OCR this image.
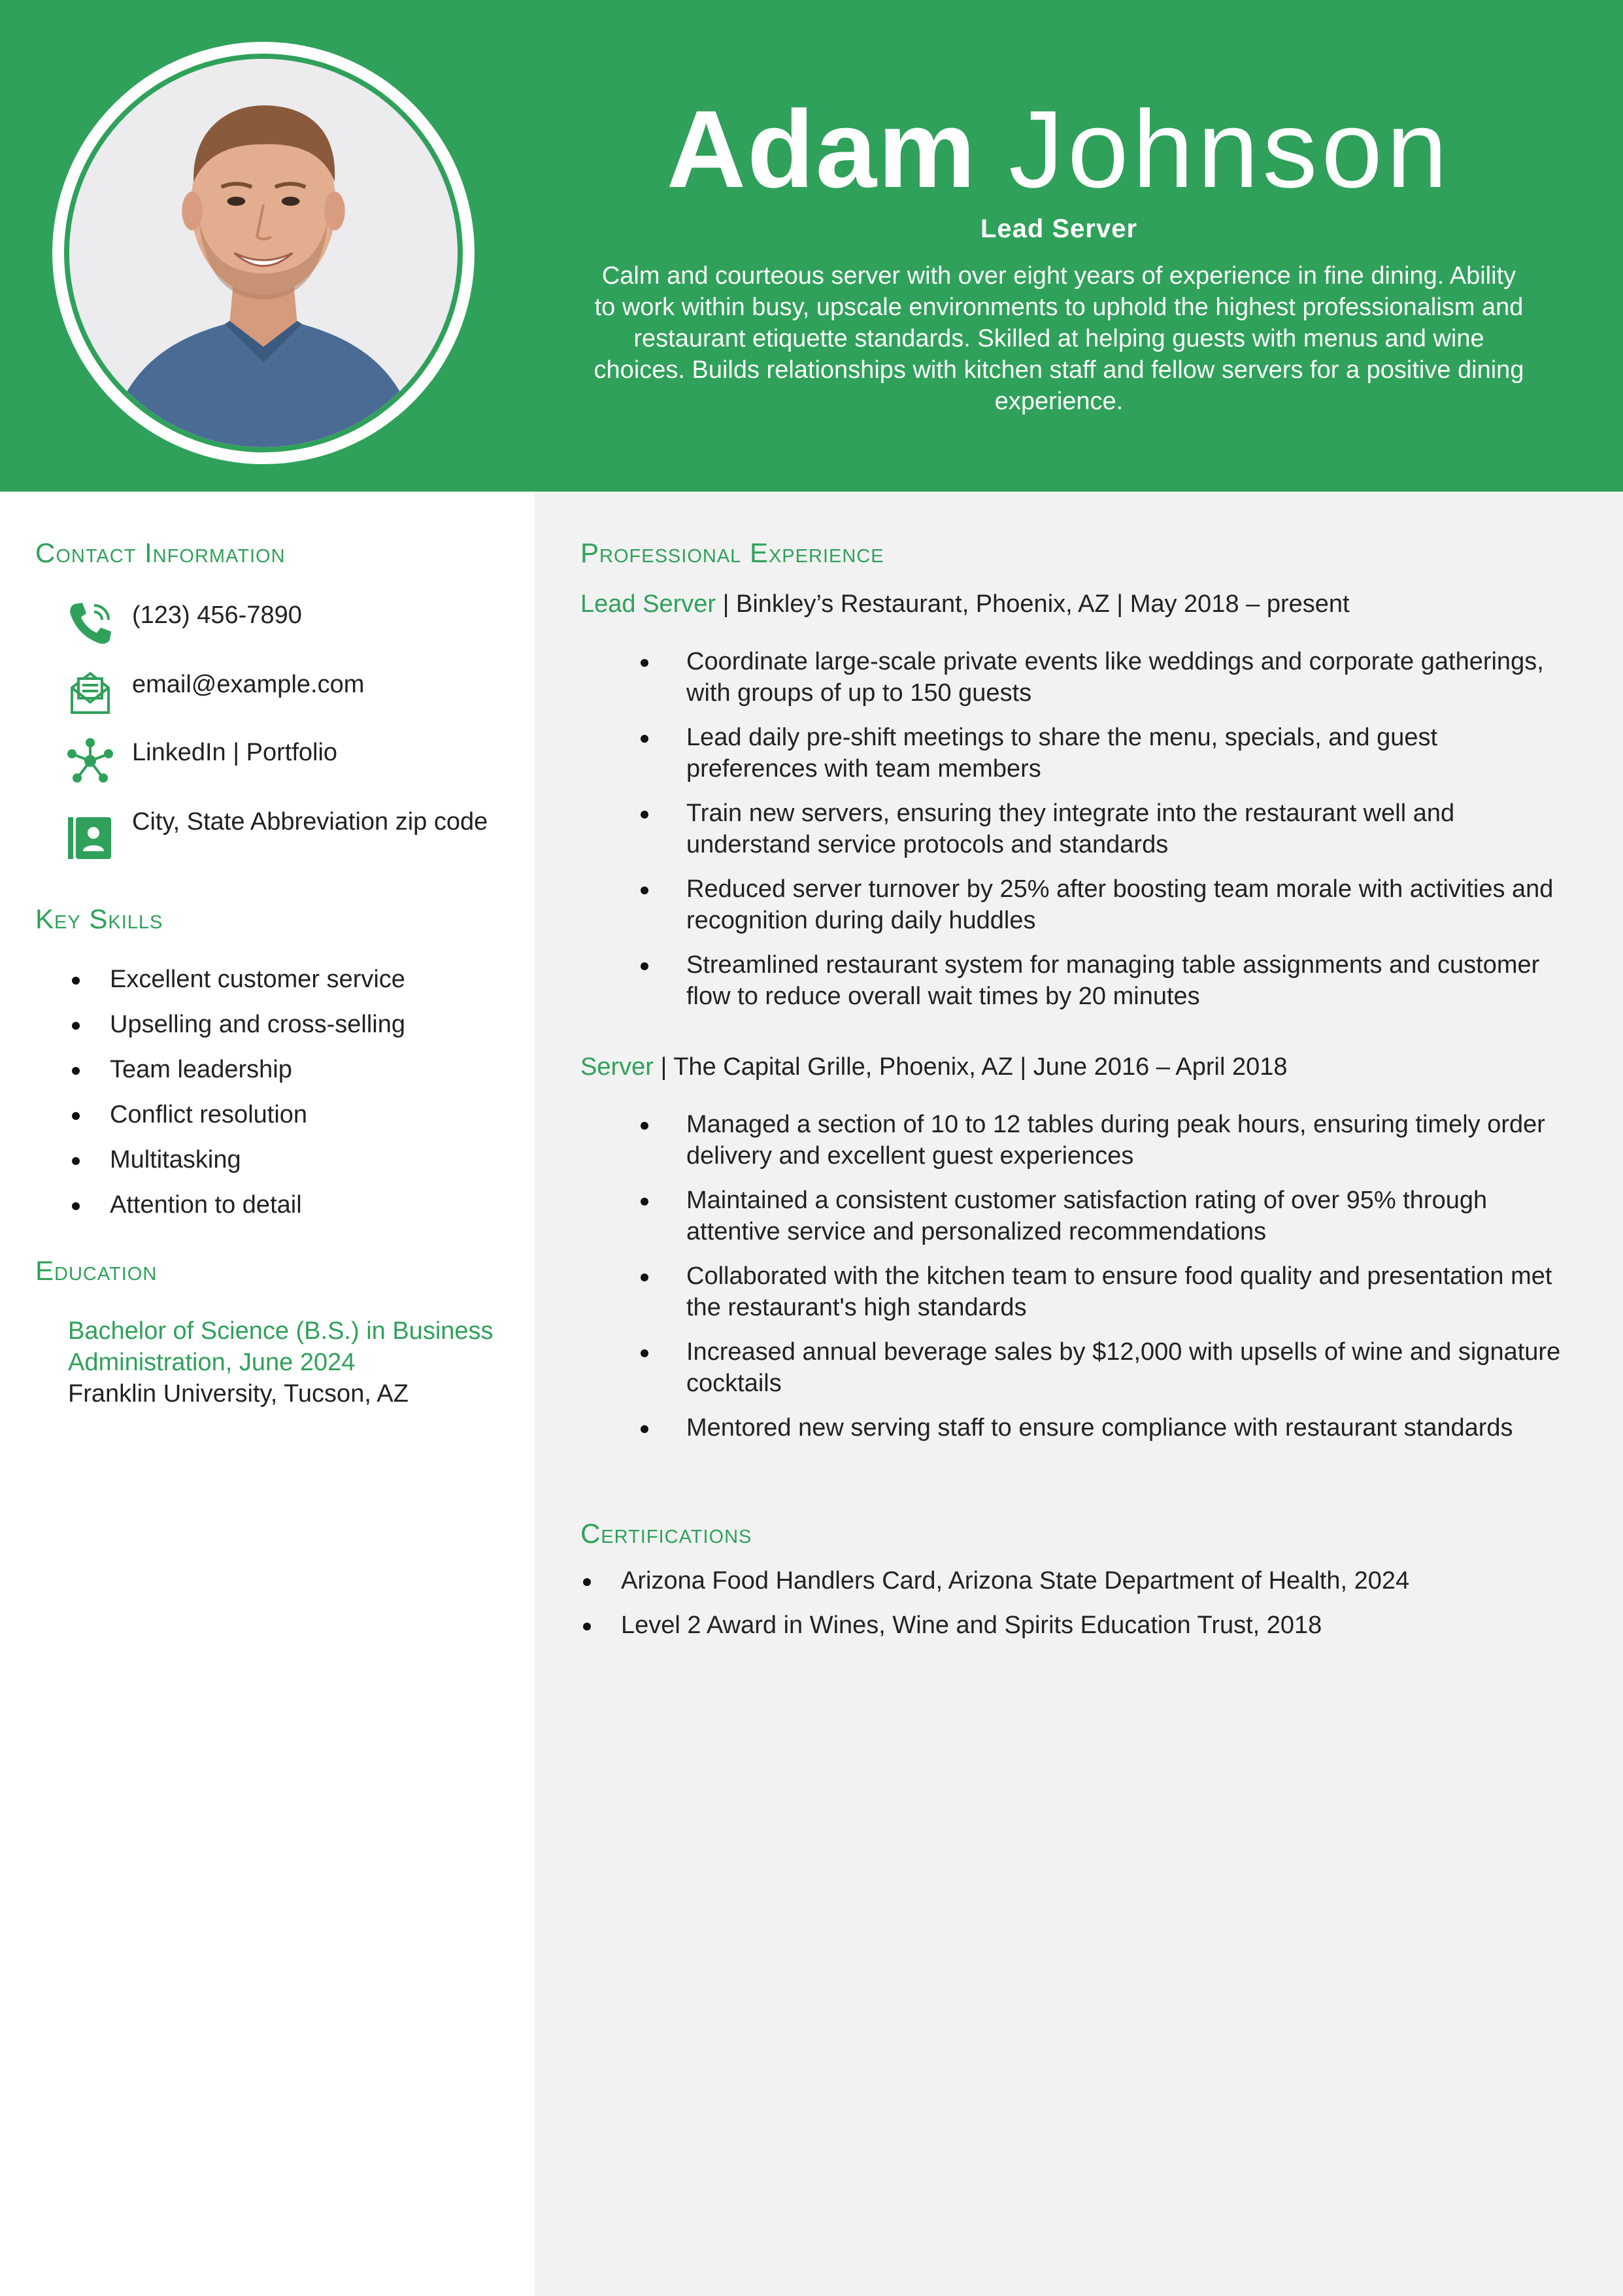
Adam Johnson
Lead Server
Calm and courteous server with over eight years of experience in fine dining. Ability to work within busy, upscale environments to uphold the highest professionalism and restaurant etiquette standards. Skilled at helping guests with menus and wine choices. Builds relationships with kitchen staff and fellow servers for a positive dining experience.
Contact Information
(123) 456-7890
email@example.com
LinkedIn | Portfolio
City, State Abbreviation zip code
Key Skills
Excellent customer service
Upselling and cross-selling
Team leadership
Conflict resolution
Multitasking
Attention to detail
Education
Bachelor of Science (B.S.) in Business Administration, June 2024
Franklin University, Tucson, AZ
Professional Experience
Lead Server | Binkley’s Restaurant, Phoenix, AZ | May 2018 – present
Coordinate large-scale private events like weddings and corporate gatherings, with groups of up to 150 guests
Lead daily pre-shift meetings to share the menu, specials, and guest preferences with team members
Train new servers, ensuring they integrate into the restaurant well and understand service protocols and standards
Reduced server turnover by 25% after boosting team morale with activities and recognition during daily huddles
Streamlined restaurant system for managing table assignments and customer flow to reduce overall wait times by 20 minutes
Server | The Capital Grille, Phoenix, AZ | June 2016 – April 2018
Managed a section of 10 to 12 tables during peak hours, ensuring timely order delivery and excellent guest experiences
Maintained a consistent customer satisfaction rating of over 95% through attentive service and personalized recommendations
Collaborated with the kitchen team to ensure food quality and presentation met the restaurant's high standards
Increased annual beverage sales by $12,000 with upsells of wine and signature cocktails
Mentored new serving staff to ensure compliance with restaurant standards
Certifications
Arizona Food Handlers Card, Arizona State Department of Health, 2024
Level 2 Award in Wines, Wine and Spirits Education Trust, 2018
